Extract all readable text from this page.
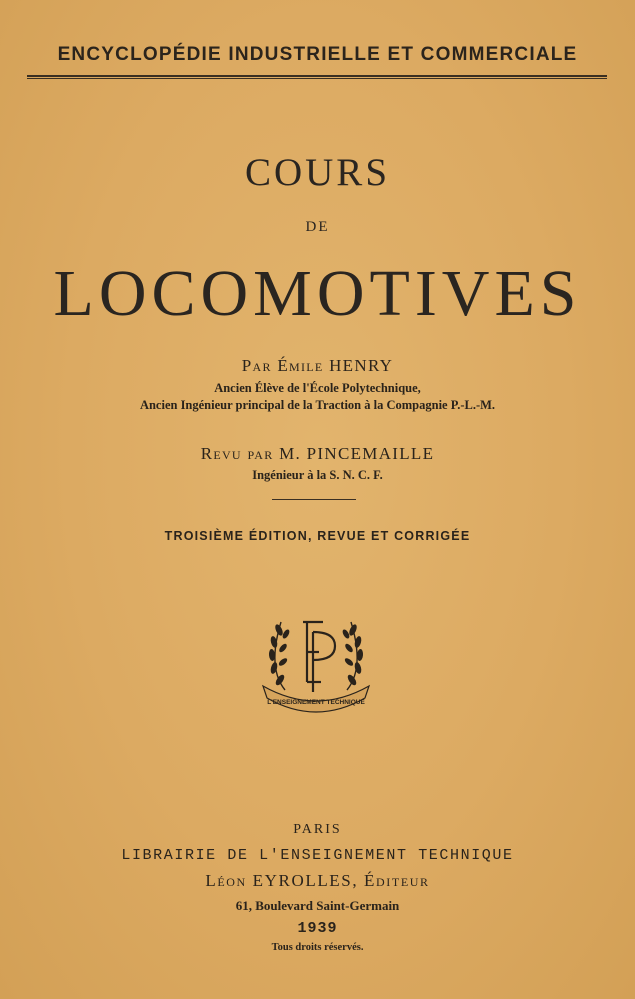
ENCYCLOPÉDIE INDUSTRIELLE ET COMMERCIALE
COURS
DE
LOCOMOTIVES
Par Émile HENRY
Ancien Élève de l'École Polytechnique,
Ancien Ingénieur principal de la Traction à la Compagnie P.-L.-M.
Revu par M. PINCEMAILLE
Ingénieur à la S. N. C. F.
TROISIÈME ÉDITION, REVUE ET CORRIGÉE
L'ENSEIGNEMENT TECHNIQUE
PARIS
LIBRAIRIE DE L'ENSEIGNEMENT TECHNIQUE
Léon EYROLLES, Éditeur
61, Boulevard Saint-Germain
1939
Tous droits réservés.
